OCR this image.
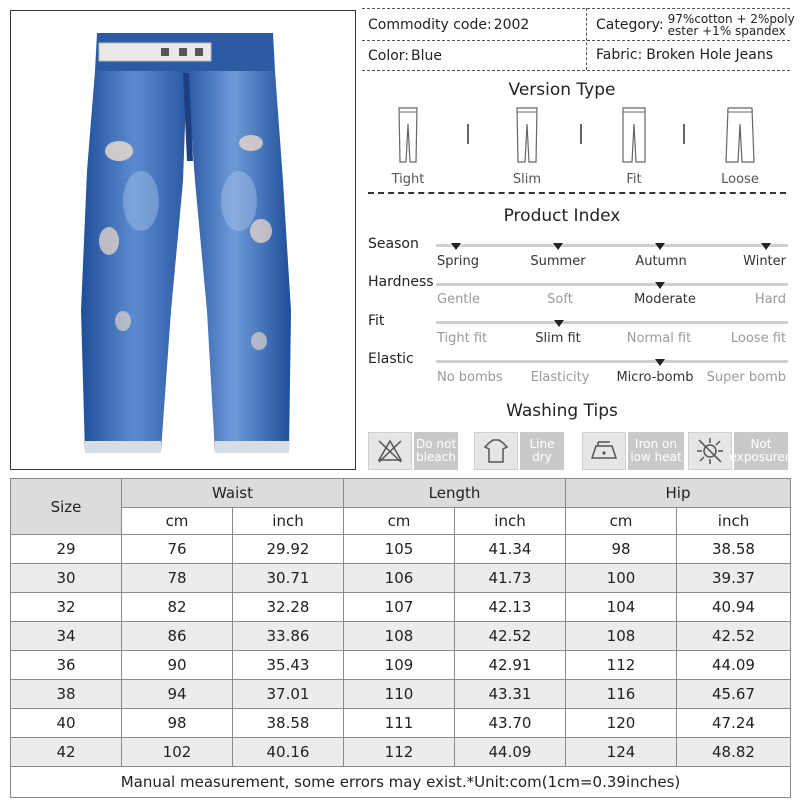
Commodity code: 2002	Category: 97%cotton + 2%poly
ester +1% spandex
Color: Blue	Fabric: Broken Hole Jeans
Version Type
Tight	Slim	Fit	Loose
Product Index
Season
Spring	Summer	Autumn	Winter
Hardness
Gentle	Soft	Moderate	Hard
Fit
Tight fit	Slim fit	Normal fit	Loose fit
Elastic
No bombs	Elasticity	Micro-bomb	Super bomb
Washing Tips
Do not
bleach
Line
dry
Iron on
low heat
Not
exposuren
Size	Waist		Length		Hip	
	cm	inch	cm	inch	cm	inch
29	76	29.92	105	41.34	98	38.58
30	78	30.71	106	41.73	100	39.37
32	82	32.28	107	42.13	104	40.94
34	86	33.86	108	42.52	108	42.52
36	90	35.43	109	42.91	112	44.09
38	94	37.01	110	43.31	116	45.67
40	98	38.58	111	43.70	120	47.24
42	102	40.16	112	44.09	124	48.82
Manual measurement, some errors may exist.*Unit:com(1cm=0.39inches)						
